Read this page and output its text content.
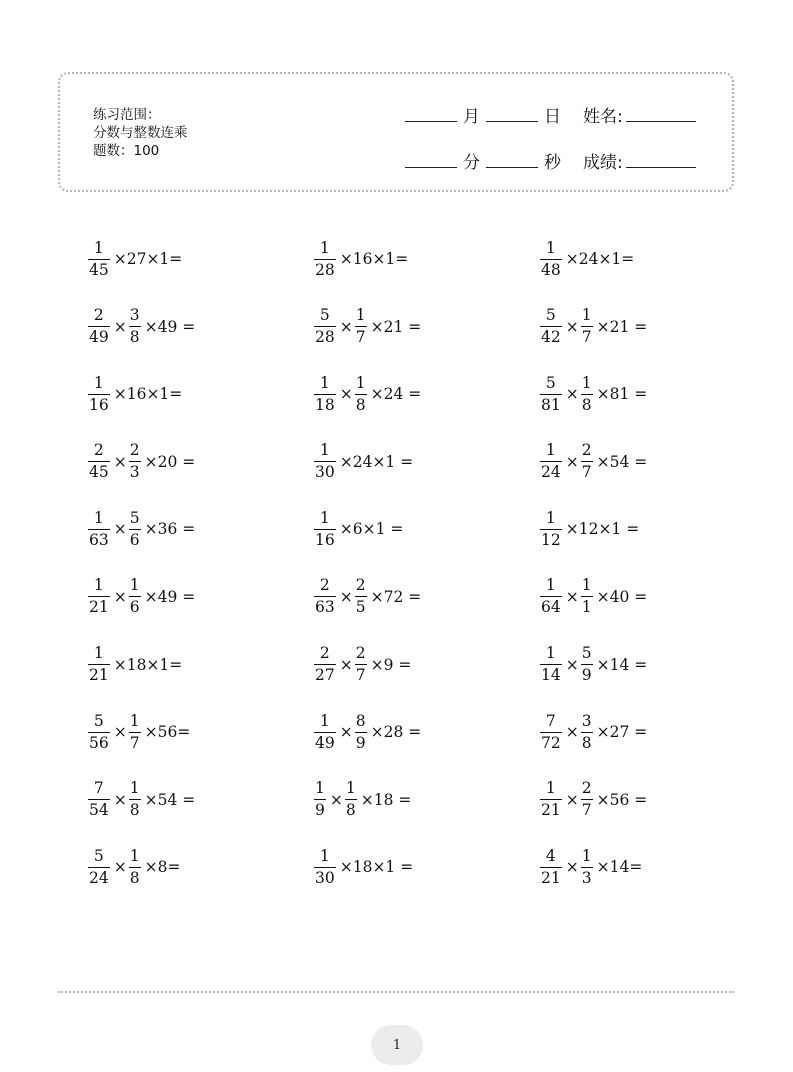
练习范围：
分数与整数连乘
题数：100
月	日 姓名:
分	秒 成绩:
$\frac{1}{45} \times 27\times 1=$	$\frac{1}{28} \times 16\times 1=$	$\frac{1}{48} \times 24\times 1=$
$\frac{2}{49} \times \frac{3}{8} \times 49$ =	$\frac{5}{28} \times \frac{1}{7} \times 21$ =	$\frac{5}{42} \times \frac{1}{7} \times 21$ =
$\frac{1}{16} \times 16\times 1=$	$\frac{1}{18} \times \frac{1}{8} \times 24$ =	$\frac{5}{81} \times \frac{1}{8} \times 81$ =
$\frac{2}{45} \times \frac{2}{3} \times 20$ =	$\frac{1}{30} \times 24\times 1$ =	$\frac{1}{24} \times \frac{2}{7} \times 54$ =
$\frac{1}{63} \times \frac{5}{6} \times 36$ =	$\frac{1}{16} \times 6\times 1$ =	$\frac{1}{12} \times 12\times 1$ =
$\frac{1}{21} \times \frac{1}{6} \times 49$ =	$\frac{2}{63} \times \frac{2}{5} \times 72$ =	$\frac{1}{64} \times \frac{1}{1} \times 40$ =
$\frac{1}{21} \times 18\times 1=$	$\frac{2}{27} \times \frac{2}{7} \times 9$ =	$\frac{1}{14} \times \frac{5}{9} \times 14$ =
$\frac{5}{56} \times \frac{1}{7} \times 56=$	$\frac{1}{49} \times \frac{8}{9} \times 28$ =	$\frac{7}{72} \times \frac{3}{8} \times 27$ =
$\frac{7}{54} \times \frac{1}{8} \times 54$ =	$\frac{1}{9} \times \frac{1}{8} \times 18$ =	$\frac{1}{21} \times \frac{2}{7} \times 56$ =
$\frac{5}{24} \times \frac{1}{8} \times 8=$	$\frac{1}{30} \times 18\times 1$ =	$\frac{4}{21} \times \frac{1}{3} \times 14=$
1
